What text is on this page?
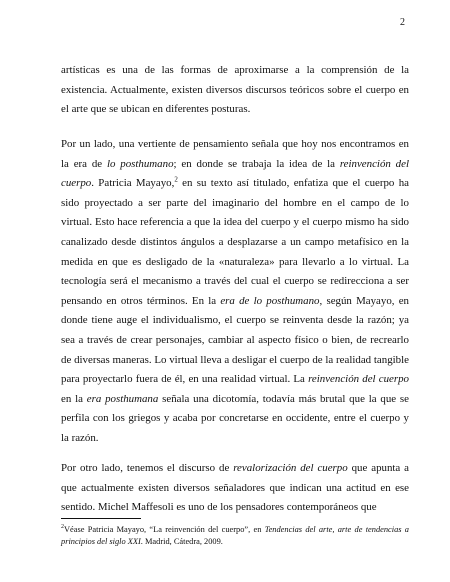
2

artísticas es una de las formas de aproximarse a la comprensión de la existencia. Actualmente, existen diversos discursos teóricos sobre el cuerpo en el arte que se ubican en diferentes posturas.

Por un lado, una vertiente de pensamiento señala que hoy nos encontramos en la era de lo posthumano; en donde se trabaja la idea de la reinvención del cuerpo. Patricia Mayayo,$^2$ en su texto así titulado, enfatiza que el cuerpo ha sido proyectado a ser parte del imaginario del hombre en el campo de lo virtual. Esto hace referencia a que la idea del cuerpo y el cuerpo mismo ha sido canalizado desde distintos ángulos a desplazarse a un campo metafísico en la medida en que es desligado de la «naturaleza» para llevarlo a lo virtual. La tecnología será el mecanismo a través del cual el cuerpo se redirecciona a ser pensando en otros términos. En la era de lo posthumano, según Mayayo, en donde tiene auge el individualismo, el cuerpo se reinventa desde la razón; ya sea a través de crear personajes, cambiar al aspecto físico o bien, de recrearlo de diversas maneras. Lo virtual lleva a desligar el cuerpo de la realidad tangible para proyectarlo fuera de él, en una realidad virtual. La reinvención del cuerpo en la era posthumana señala una dicotomía, todavía más brutal que la que se perfila con los griegos y acaba por concretarse en occidente, entre el cuerpo y la razón.

Por otro lado, tenemos el discurso de revalorización del cuerpo que apunta a que actualmente existen diversos señaladores que indican una actitud en ese sentido. Michel Maffesoli es uno de los pensadores contemporáneos que

$^2$Véase Patricia Mayayo, “La reinvención del cuerpo”, en Tendencias del arte, arte de tendencias a principios del siglo XXI. Madrid, Cátedra, 2009.
